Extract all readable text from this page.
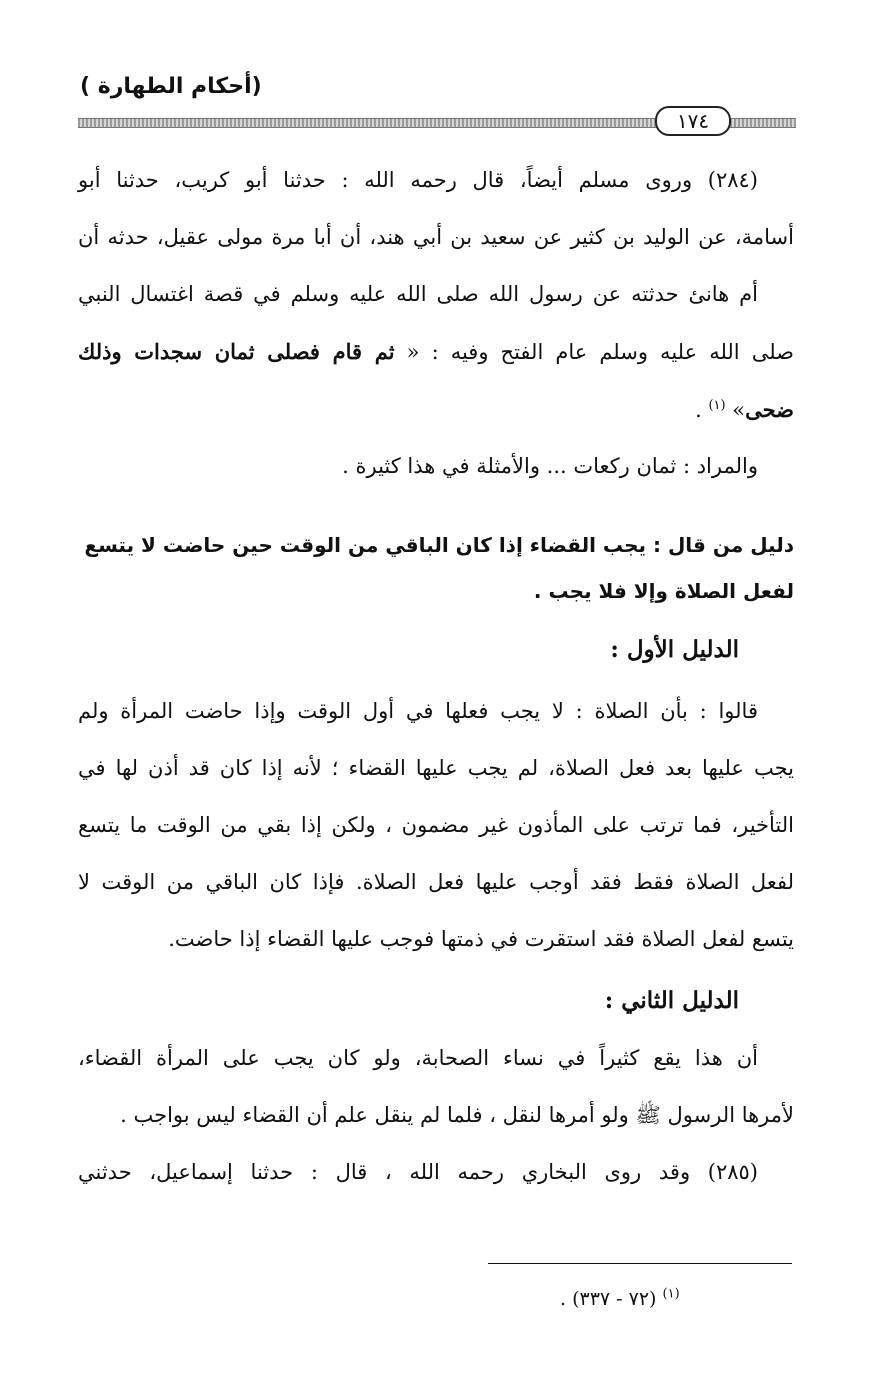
(أحكام الطهارة )
١٧٤
(٢٨٤) وروى مسلم أيضاً، قال رحمه الله : حدثنا أبو كريب، حدثنا أبو
أسامة، عن الوليد بن كثير عن سعيد بن أبي هند، أن أبا مرة مولى عقيل، حدثه أن
أم هانئ حدثته عن رسول الله صلى الله عليه وسلم في قصة اغتسال النبي
صلى الله عليه وسلم عام الفتح وفيه : « ثم قام فصلى ثمان سجدات وذلك
ضحى» $^{(١)}$ .
والمراد : ثمان ركعات ... والأمثلة في هذا كثيرة .
دليل من قال : يجب القضاء إذا كان الباقي من الوقت حين حاضت لا يتسع لفعل الصلاة وإلا فلا يجب .
الدليل الأول :
قالوا : بأن الصلاة : لا يجب فعلها في أول الوقت وإذا حاضت المرأة ولم
يجب عليها بعد فعل الصلاة، لم يجب عليها القضاء ؛ لأنه إذا كان قد أذن لها في
التأخير، فما ترتب على المأذون غير مضمون ، ولكن إذا بقي من الوقت ما يتسع
لفعل الصلاة فقط فقد أوجب عليها فعل الصلاة. فإذا كان الباقي من الوقت لا
يتسع لفعل الصلاة فقد استقرت في ذمتها فوجب عليها القضاء إذا حاضت.
الدليل الثاني :
أن هذا يقع كثيراً في نساء الصحابة، ولو كان يجب على المرأة القضاء،
لأمرها الرسول ﷺ ولو أمرها لنقل ، فلما لم ينقل علم أن القضاء ليس بواجب .
(٢٨٥) وقد روى البخاري رحمه الله ، قال : حدثنا إسماعيل، حدثني
$^{(١)}$ (٧٢ - ٣٣٧) .
